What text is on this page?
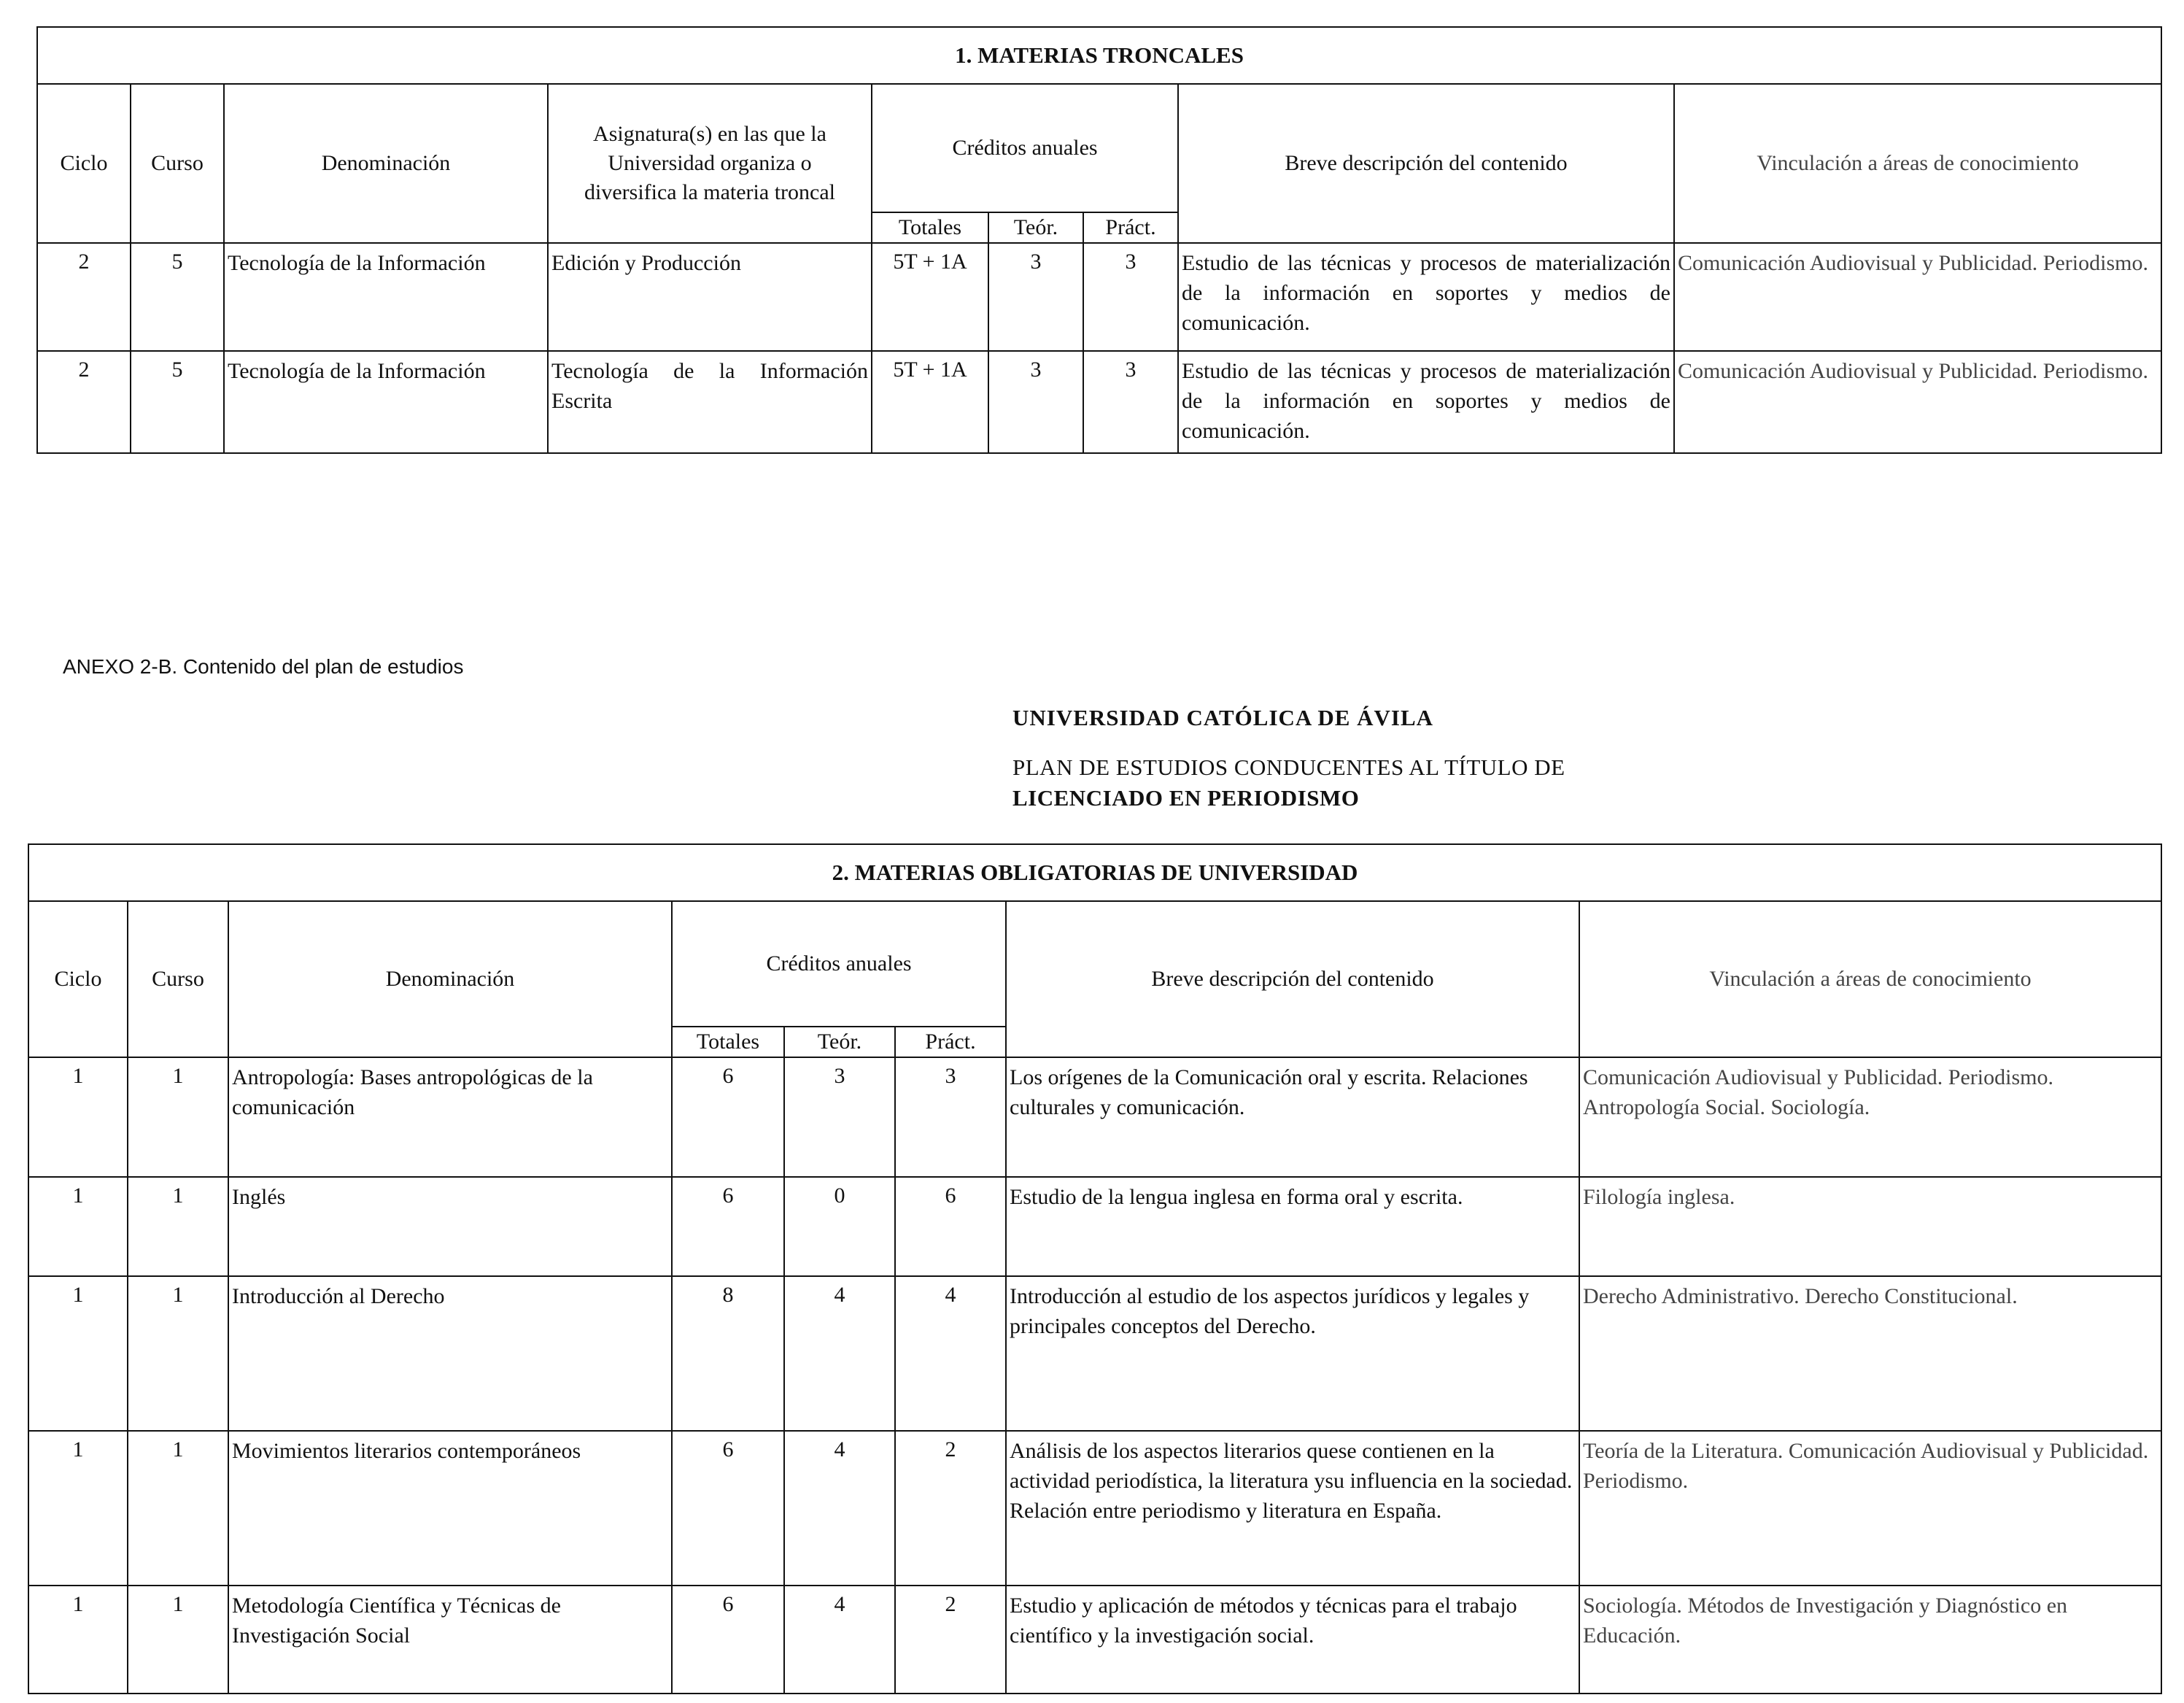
1. MATERIAS TRONCALES								
Ciclo	Curso	Denominación	Asignatura(s) en las que la Universidad organiza o diversifica la materia troncal	Créditos anuales			Breve descripción del contenido	Vinculación a áreas de conocimiento
				Totales	Teór.	Práct.		
2	5	Tecnología de la Información	Edición y Producción	5T + 1A	3	3	Estudio de las técnicas y procesos de materialización de la información en soportes y medios de comunicación.	Comunicación Audiovisual y Publicidad. Periodismo.
2	5	Tecnología de la Información	Tecnología de la Información Escrita	5T + 1A	3	3	Estudio de las técnicas y procesos de materialización de la información en soportes y medios de comunicación.	Comunicación Audiovisual y Publicidad. Periodismo.
ANEXO 2-B. Contenido del plan de estudios
UNIVERSIDAD CATÓLICA DE ÁVILA
PLAN DE ESTUDIOS CONDUCENTES AL TÍTULO DE
LICENCIADO EN PERIODISMO
2. MATERIAS OBLIGATORIAS DE UNIVERSIDAD							
Ciclo	Curso	Denominación	Créditos anuales			Breve descripción del contenido	Vinculación a áreas de conocimiento
			Totales	Teór.	Práct.		
1	1	Antropología: Bases antropológicas de la comunicación	6	3	3	Los orígenes de la Comunicación oral y escrita. Relaciones culturales y comunicación.	Comunicación Audiovisual y Publicidad. Periodismo. Antropología Social. Sociología.
1	1	Inglés	6	0	6	Estudio de la lengua inglesa en forma oral y escrita.	Filología inglesa.
1	1	Introducción al Derecho	8	4	4	Introducción al estudio de los aspectos jurídicos y legales y principales conceptos del Derecho.	Derecho Administrativo. Derecho Constitucional.
1	1	Movimientos literarios contemporáneos	6	4	2	Análisis de los aspectos literarios quese contienen en la actividad periodística, la literatura ysu influencia en la sociedad. Relación entre periodismo y literatura en España.	Teoría de la Literatura. Comunicación Audiovisual y Publicidad. Periodismo.
1	1	Metodología Científica y Técnicas de Investigación Social	6	4	2	Estudio y aplicación de métodos y técnicas para el trabajo científico y la investigación social.	Sociología. Métodos de Investigación y Diagnóstico en Educación.
